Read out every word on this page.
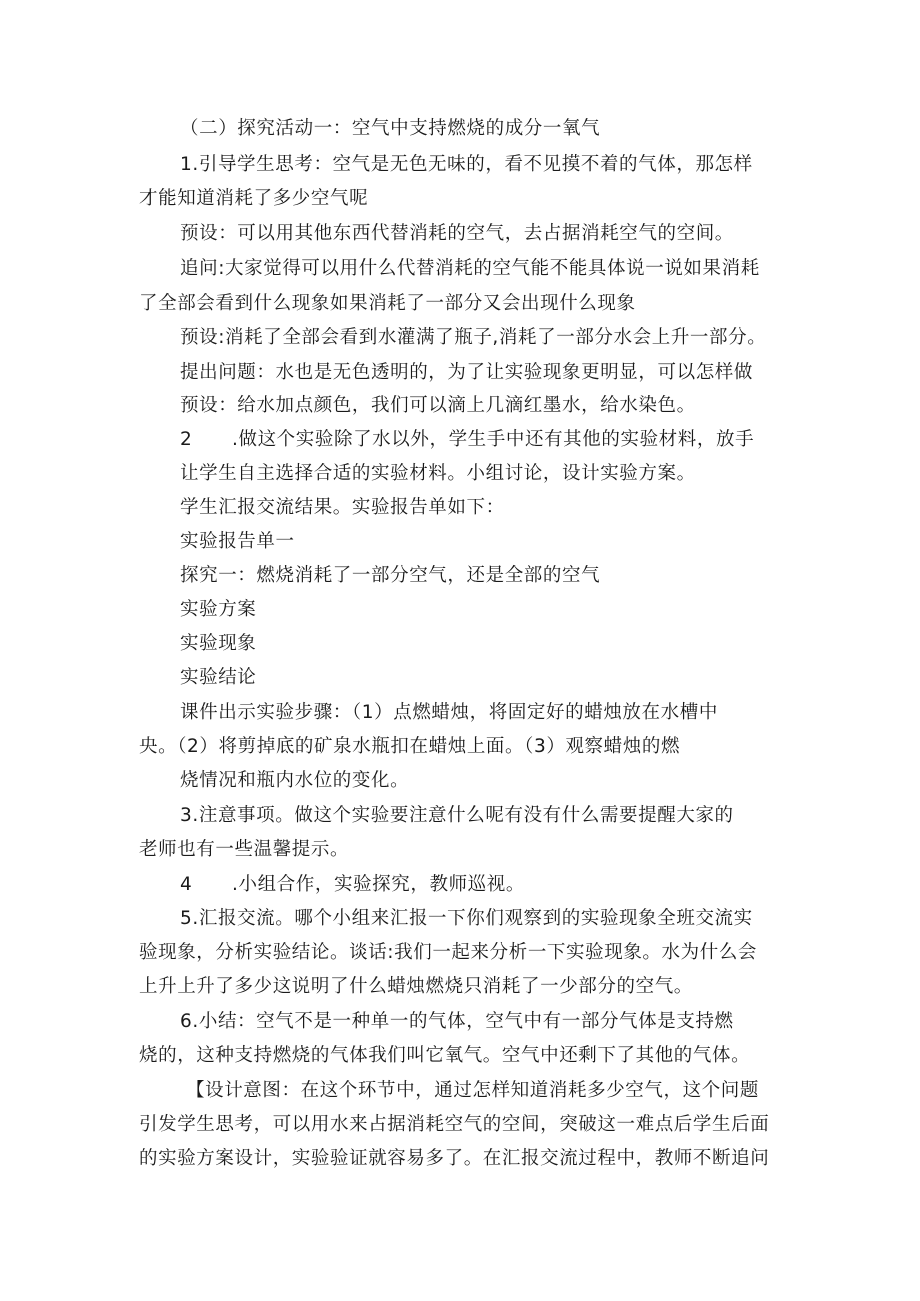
（二）探究活动一：空气中支持燃烧的成分一氧气
1.引导学生思考：空气是无色无味的，看不见摸不着的气体，那怎样
才能知道消耗了多少空气呢
预设：可以用其他东西代替消耗的空气，去占据消耗空气的空间。
追问:大家觉得可以用什么代替消耗的空气能不能具体说一说如果消耗
了全部会看到什么现象如果消耗了一部分又会出现什么现象
预设:消耗了全部会看到水灌满了瓶子,消耗了一部分水会上升一部分。
提出问题：水也是无色透明的，为了让实验现象更明显，可以怎样做
预设：给水加点颜色，我们可以滴上几滴红墨水，给水染色。
2 .做这个实验除了水以外，学生手中还有其他的实验材料，放手
让学生自主选择合适的实验材料。小组讨论，设计实验方案。
学生汇报交流结果。实验报告单如下：
实验报告单一
探究一：燃烧消耗了一部分空气，还是全部的空气
实验方案
实验现象
实验结论
课件出示实验步骤：（1）点燃蜡烛，将固定好的蜡烛放在水槽中
央。（2）将剪掉底的矿泉水瓶扣在蜡烛上面。（3）观察蜡烛的燃
烧情况和瓶内水位的变化。
3.注意事项。做这个实验要注意什么呢有没有什么需要提醒大家的
老师也有一些温馨提示。
4 .小组合作，实验探究，教师巡视。
5.汇报交流。哪个小组来汇报一下你们观察到的实验现象全班交流实
验现象，分析实验结论。谈话:我们一起来分析一下实验现象。水为什么会
上升上升了多少这说明了什么蜡烛燃烧只消耗了一少部分的空气。
6.小结：空气不是一种单一的气体，空气中有一部分气体是支持燃
烧的，这种支持燃烧的气体我们叫它氧气。空气中还剩下了其他的气体。
【设计意图：在这个环节中，通过怎样知道消耗多少空气，这个问题
引发学生思考，可以用水来占据消耗空气的空间，突破这一难点后学生后面
的实验方案设计，实验验证就容易多了。在汇报交流过程中，教师不断追问
